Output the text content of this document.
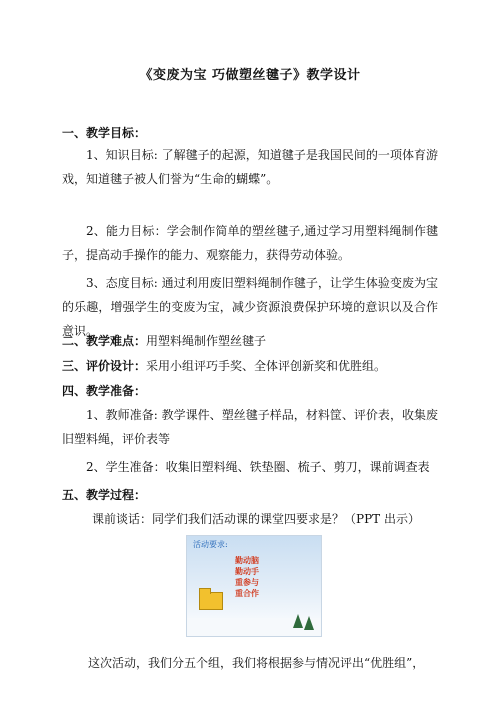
《变废为宝 巧做塑丝毽子》教学设计
一、教学目标：
1、知识目标: 了解毽子的起源，知道毽子是我国民间的一项体育游戏，知道毽子被人们誉为“生命的蝴蝶”。
2、能力目标：学会制作简单的塑丝毽子,通过学习用塑料绳制作毽子，提高动手操作的能力、观察能力，获得劳动体验。
3、态度目标: 通过利用废旧塑料绳制作毽子，让学生体验变废为宝的乐趣，增强学生的变废为宝，减少资源浪费保护环境的意识以及合作意识。
二、教学难点：用塑料绳制作塑丝毽子
三、评价设计：采用小组评巧手奖、全体评创新奖和优胜组。
四、教学准备：
1、教师准备: 教学课件、塑丝毽子样品，材料筐、评价表，收集废旧塑料绳，评价表等
2、学生准备：收集旧塑料绳、铁垫圈、梳子、剪刀，课前调查表
五、教学过程：
课前谈话：同学们我们活动课的课堂四要求是？（PPT 出示）
活动要求:
勤动脑
勤动手
重参与
重合作
这次活动，我们分五个组，我们将根据参与情况评出“优胜组”，
